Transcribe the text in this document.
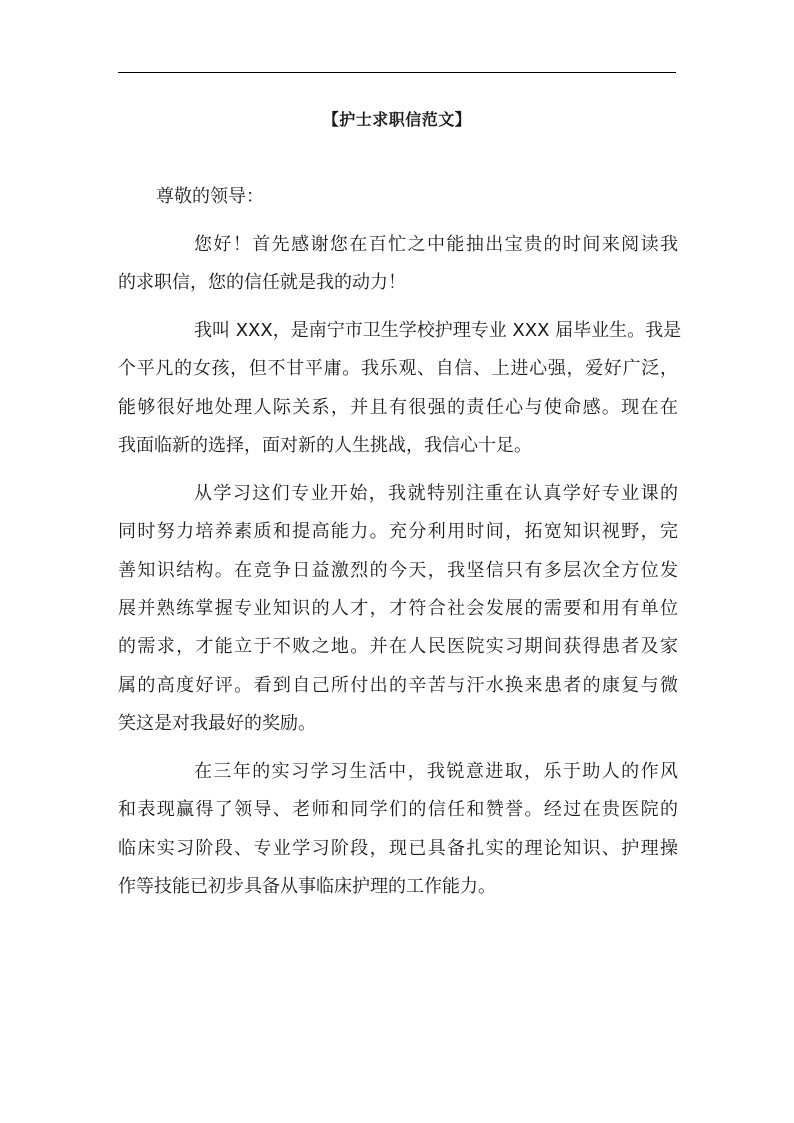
【护士求职信范文】
尊敬的领导：
您好！首先感谢您在百忙之中能抽出宝贵的时间来阅读我
的求职信，您的信任就是我的动力！
我叫 XXX，是南宁市卫生学校护理专业 XXX 届毕业生。我是
个平凡的女孩，但不甘平庸。我乐观、自信、上进心强，爱好广泛，
能够很好地处理人际关系，并且有很强的责任心与使命感。现在在
我面临新的选择，面对新的人生挑战，我信心十足。
从学习这们专业开始，我就特别注重在认真学好专业课的
同时努力培养素质和提高能力。充分利用时间，拓宽知识视野，完
善知识结构。在竞争日益激烈的今天，我坚信只有多层次全方位发
展并熟练掌握专业知识的人才，才符合社会发展的需要和用有单位
的需求，才能立于不败之地。并在人民医院实习期间获得患者及家
属的高度好评。看到自己所付出的辛苦与汗水换来患者的康复与微
笑这是对我最好的奖励。
在三年的实习学习生活中，我锐意进取，乐于助人的作风
和表现赢得了领导、老师和同学们的信任和赞誉。经过在贵医院的
临床实习阶段、专业学习阶段，现已具备扎实的理论知识、护理操
作等技能已初步具备从事临床护理的工作能力。
